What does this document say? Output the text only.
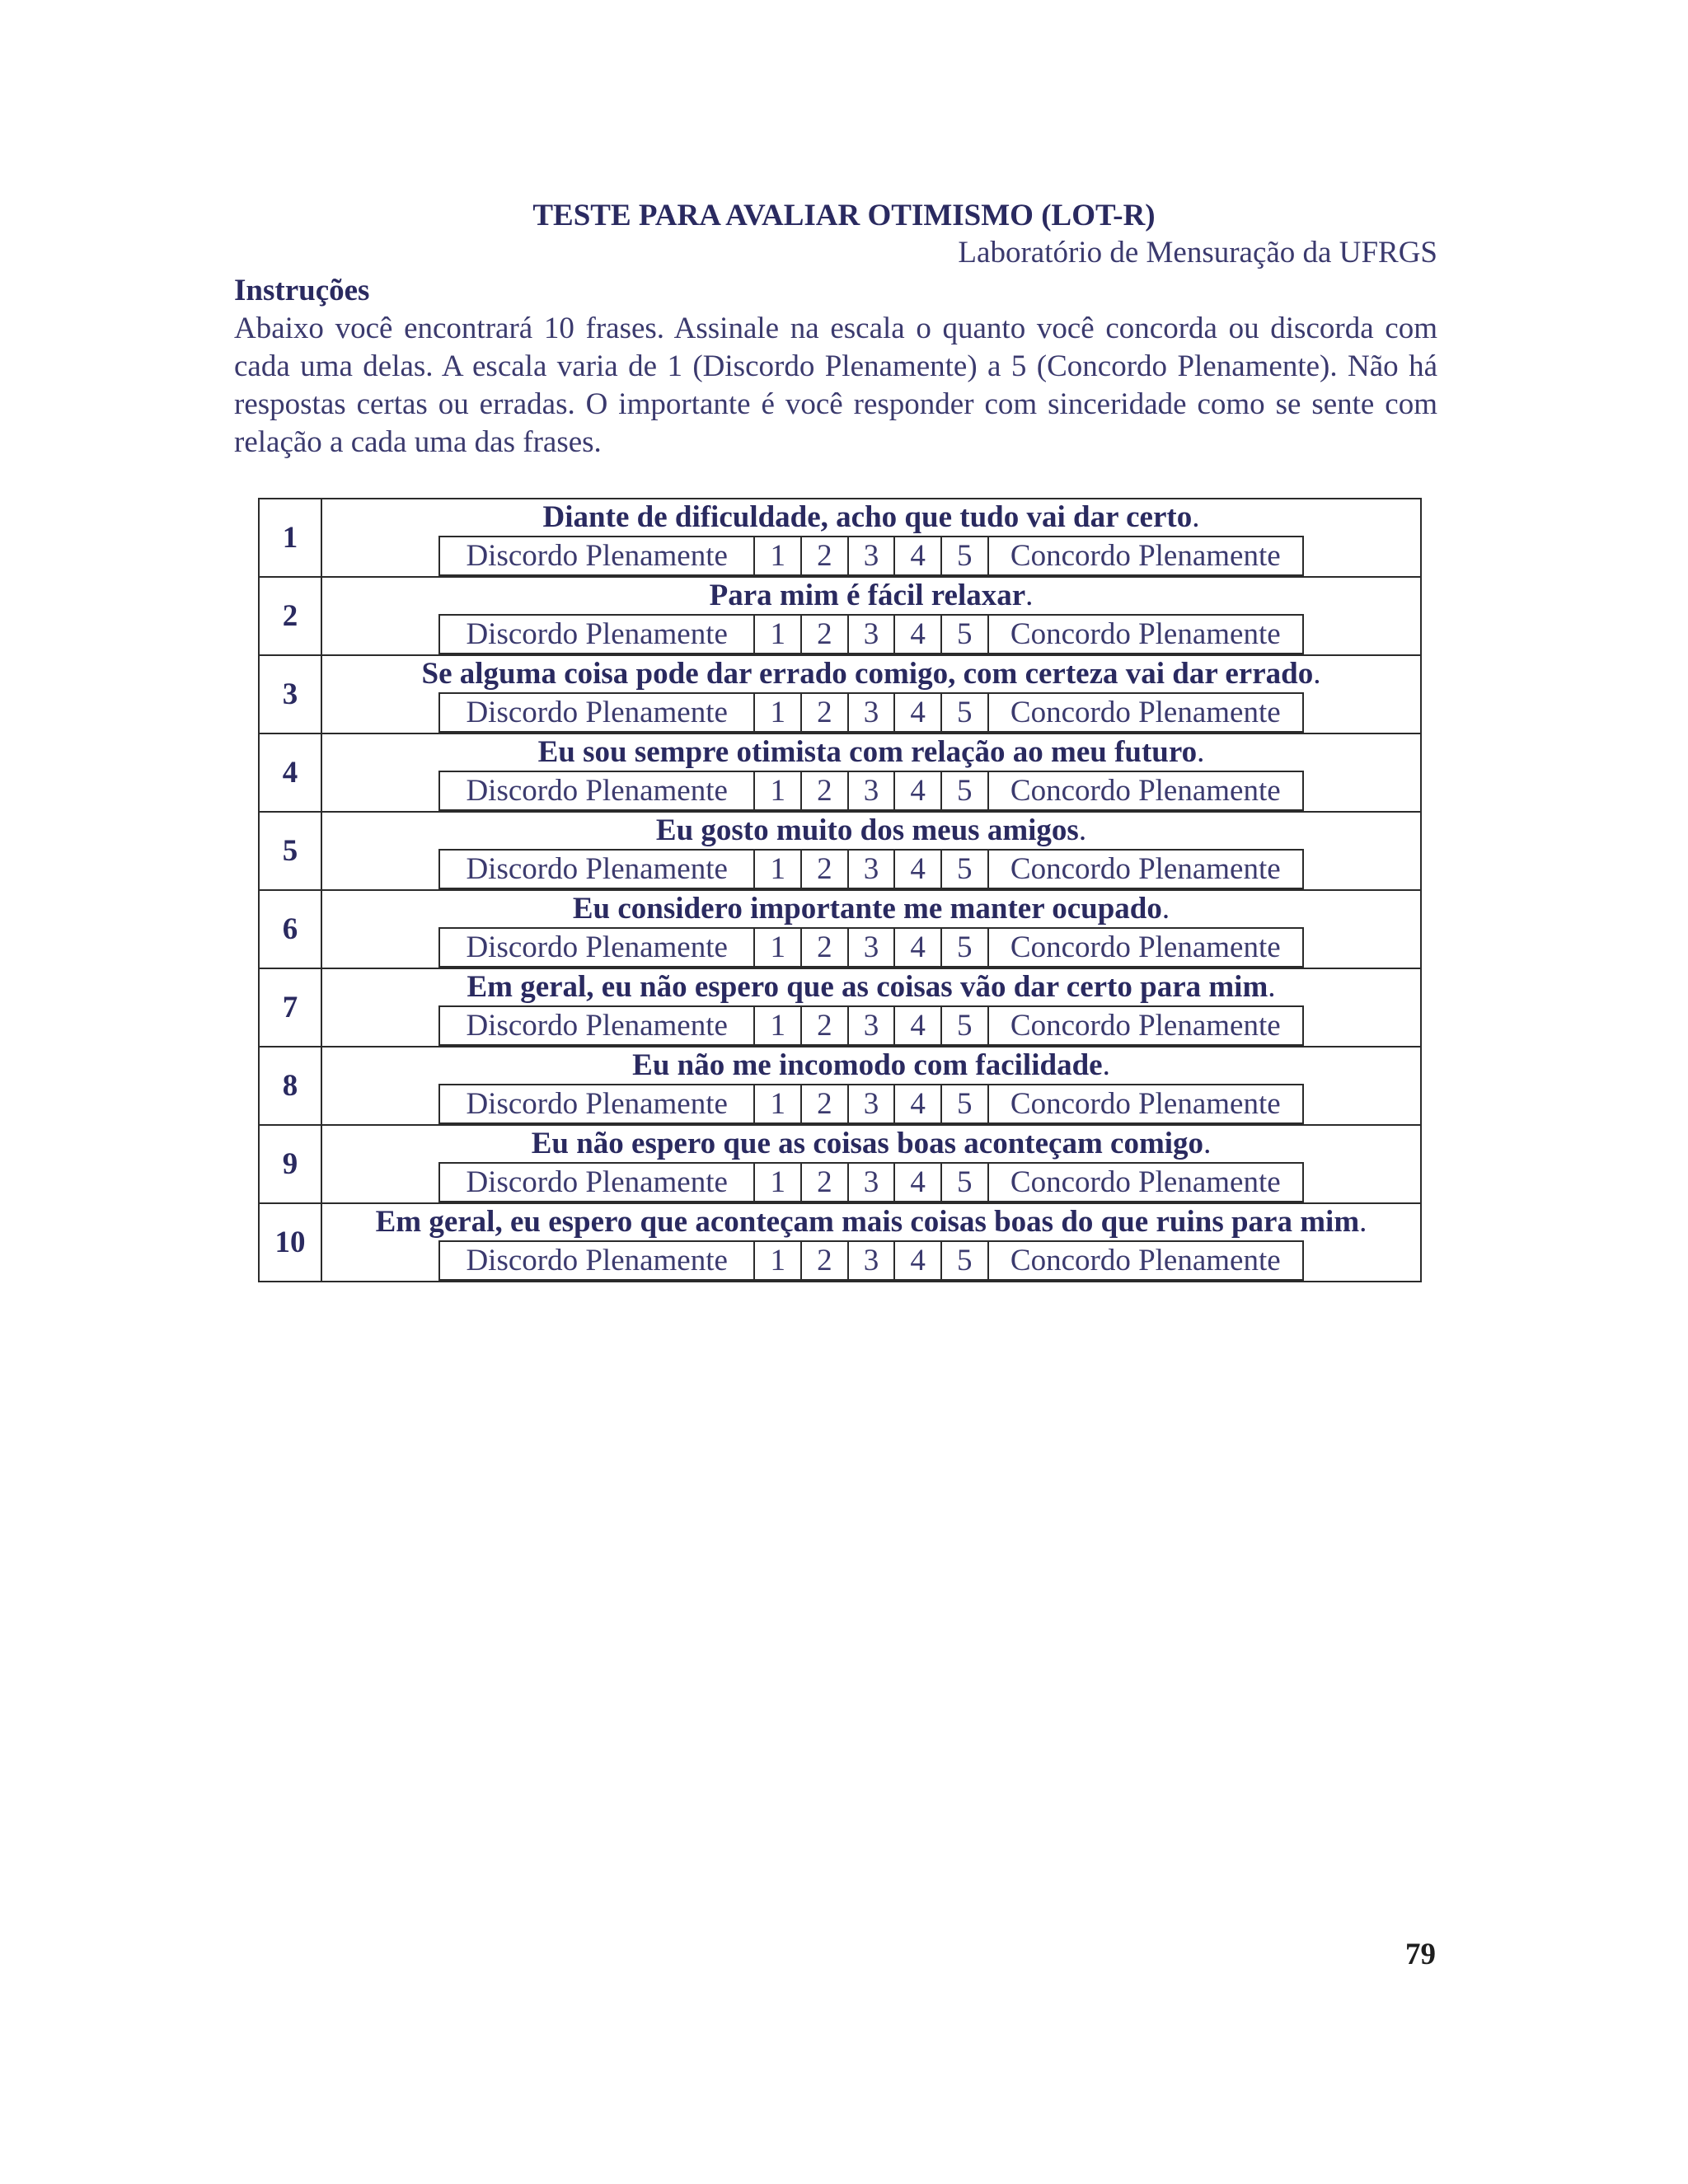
TESTE PARA AVALIAR OTIMISMO (LOT-R)
Laboratório de Mensuração da UFRGS
Instruções
Abaixo você encontrará 10 frases. Assinale na escala o quanto você concorda ou discorda com cada uma delas. A escala varia de 1 (Discordo Plenamente) a 5 (Concordo Plenamente). Não há respostas certas ou erradas. O importante é você responder com sinceridade como se sente com relação a cada uma das frases.
1	
Diante de dificuldade, acho que tudo vai dar certo.
Discordo Plenamente	1	2	3	4	5	Concordo Plenamente

2	
Para mim é fácil relaxar.
Discordo Plenamente	1	2	3	4	5	Concordo Plenamente

3	
Se alguma coisa pode dar errado comigo, com certeza vai dar errado.
Discordo Plenamente	1	2	3	4	5	Concordo Plenamente

4	
Eu sou sempre otimista com relação ao meu futuro.
Discordo Plenamente	1	2	3	4	5	Concordo Plenamente

5	
Eu gosto muito dos meus amigos.
Discordo Plenamente	1	2	3	4	5	Concordo Plenamente

6	
Eu considero importante me manter ocupado.
Discordo Plenamente	1	2	3	4	5	Concordo Plenamente

7	
Em geral, eu não espero que as coisas vão dar certo para mim.
Discordo Plenamente	1	2	3	4	5	Concordo Plenamente

8	
Eu não me incomodo com facilidade.
Discordo Plenamente	1	2	3	4	5	Concordo Plenamente

9	
Eu não espero que as coisas boas aconteçam comigo.
Discordo Plenamente	1	2	3	4	5	Concordo Plenamente

10	
Em geral, eu espero que aconteçam mais coisas boas do que ruins para mim.
Discordo Plenamente	1	2	3	4	5	Concordo Plenamente
79
